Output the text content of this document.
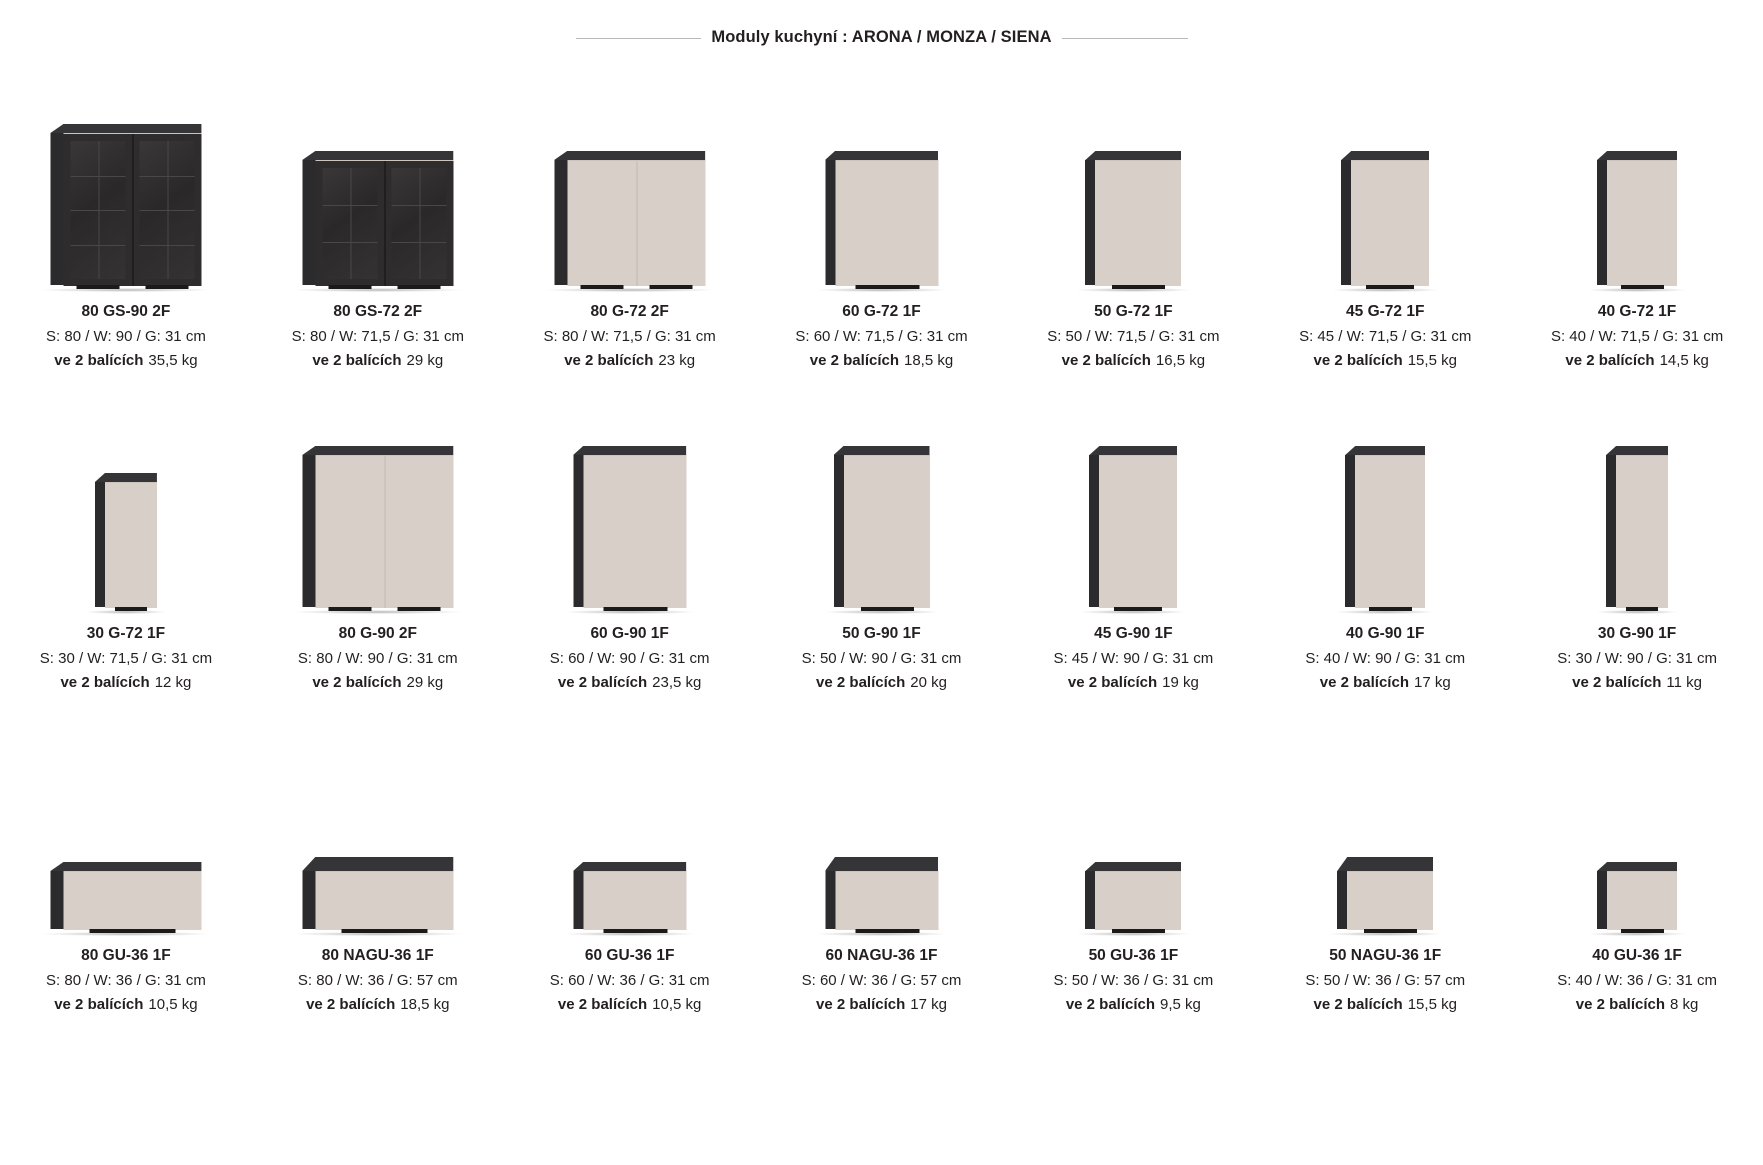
Moduly kuchyní : ARONA / MONZA / SIENA
80 GS-90 2F
S: 80 / W: 90 / G: 31 cm
ve 2 balících 35,5 kg
80 GS-72 2F
S: 80 / W: 71,5 / G: 31 cm
ve 2 balících 29 kg
80 G-72 2F
S: 80 / W: 71,5 / G: 31 cm
ve 2 balících 23 kg
60 G-72 1F
S: 60 / W: 71,5 / G: 31 cm
ve 2 balících 18,5 kg
50 G-72 1F
S: 50 / W: 71,5 / G: 31 cm
ve 2 balících 16,5 kg
45 G-72 1F
S: 45 / W: 71,5 / G: 31 cm
ve 2 balících 15,5 kg
40 G-72 1F
S: 40 / W: 71,5 / G: 31 cm
ve 2 balících 14,5 kg
30 G-72 1F
S: 30 / W: 71,5 / G: 31 cm
ve 2 balících 12 kg
80 G-90 2F
S: 80 / W: 90 / G: 31 cm
ve 2 balících 29 kg
60 G-90 1F
S: 60 / W: 90 / G: 31 cm
ve 2 balících 23,5 kg
50 G-90 1F
S: 50 / W: 90 / G: 31 cm
ve 2 balících 20 kg
45 G-90 1F
S: 45 / W: 90 / G: 31 cm
ve 2 balících 19 kg
40 G-90 1F
S: 40 / W: 90 / G: 31 cm
ve 2 balících 17 kg
30 G-90 1F
S: 30 / W: 90 / G: 31 cm
ve 2 balících 11 kg
80 GU-36 1F
S: 80 / W: 36 / G: 31 cm
ve 2 balících 10,5 kg
80 NAGU-36 1F
S: 80 / W: 36 / G: 57 cm
ve 2 balících 18,5 kg
60 GU-36 1F
S: 60 / W: 36 / G: 31 cm
ve 2 balících 10,5 kg
60 NAGU-36 1F
S: 60 / W: 36 / G: 57 cm
ve 2 balících 17 kg
50 GU-36 1F
S: 50 / W: 36 / G: 31 cm
ve 2 balících 9,5 kg
50 NAGU-36 1F
S: 50 / W: 36 / G: 57 cm
ve 2 balících 15,5 kg
40 GU-36 1F
S: 40 / W: 36 / G: 31 cm
ve 2 balících 8 kg
